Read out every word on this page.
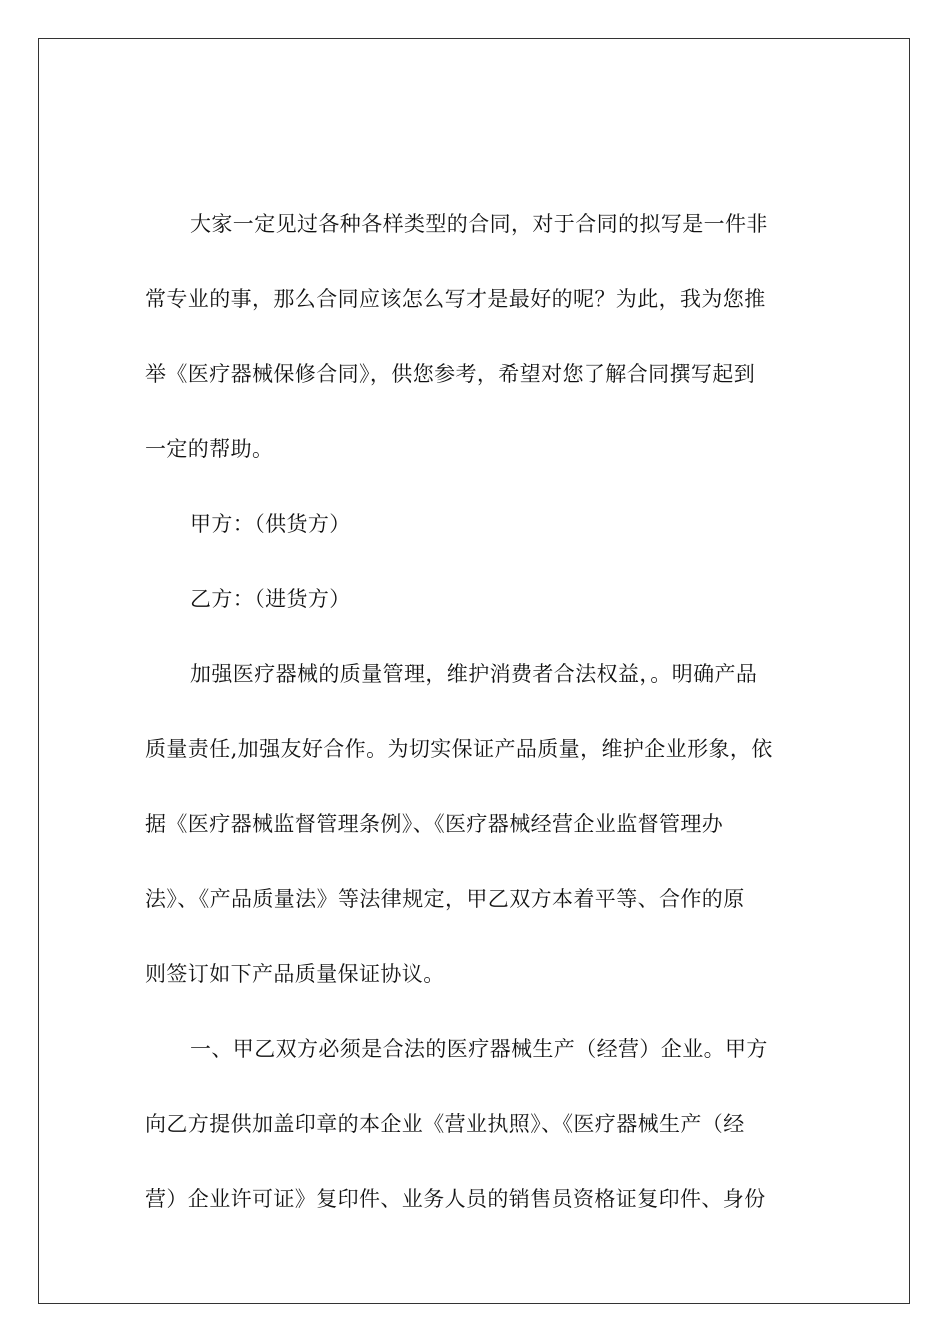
大家一定见过各种各样类型的合同，对于合同的拟写是一件非
常专业的事，那么合同应该怎么写才是最好的呢？为此，我为您推
举《医疗器械保修合同》，供您参考，希望对您了解合同撰写起到
一定的帮助。
甲方：（供货方）
乙方：（进货方）
加强医疗器械的质量管理，维护消费者合法权益，。明确产品
质量责任,加强友好合作。为切实保证产品质量，维护企业形象，依
据《医疗器械监督管理条例》、《医疗器械经营企业监督管理办
法》、《产品质量法》等法律规定，甲乙双方本着平等、合作的原
则签订如下产品质量保证协议。
一、甲乙双方必须是合法的医疗器械生产（经营）企业。甲方
向乙方提供加盖印章的本企业《营业执照》、《医疗器械生产（经
营）企业许可证》复印件、业务人员的销售员资格证复印件、身份
